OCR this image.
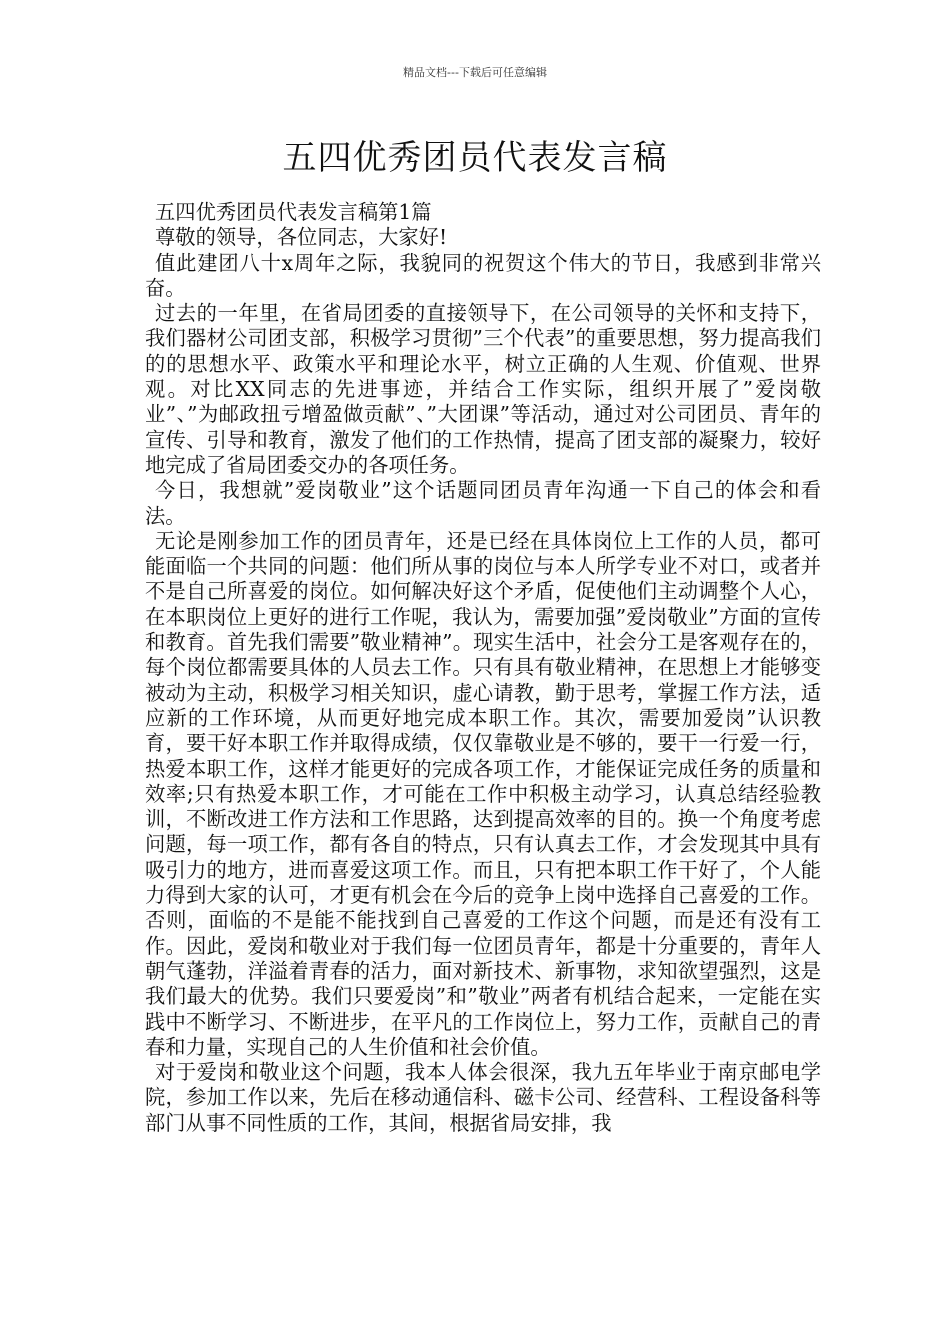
精品文档---下载后可任意编辑
五四优秀团员代表发言稿

五四优秀团员代表发言稿第1篇

尊敬的领导，各位同志，大家好!

值此建团八十x周年之际，我貌同的祝贺这个伟大的节日，我感到非常兴奋。

过去的一年里，在省局团委的直接领导下，在公司领导的关怀和支持下，我们器材公司团支部，积极学习贯彻”三个代表”的重要思想，努力提高我们的的思想水平、政策水平和理论水平，树立正确的人生观、价值观、世界观。对比XX同志的先进事迹，并结合工作实际，组织开展了”爱岗敬业”、”为邮政扭亏增盈做贡献”、”大团课”等活动，通过对公司团员、青年的宣传、引导和教育，激发了他们的工作热情，提高了团支部的凝聚力，较好地完成了省局团委交办的各项任务。

今日，我想就”爱岗敬业”这个话题同团员青年沟通一下自己的体会和看法。

无论是刚参加工作的团员青年，还是已经在具体岗位上工作的人员，都可能面临一个共同的问题：他们所从事的岗位与本人所学专业不对口，或者并不是自己所喜爱的岗位。如何解决好这个矛盾，促使他们主动调整个人心，在本职岗位上更好的进行工作呢，我认为，需要加强”爱岗敬业”方面的宣传和教育。首先我们需要”敬业精神”。现实生活中，社会分工是客观存在的，每个岗位都需要具体的人员去工作。只有具有敬业精神，在思想上才能够变被动为主动，积极学习相关知识，虚心请教，勤于思考，掌握工作方法，适应新的工作环境，从而更好地完成本职工作。其次，需要加爱岗”认识教育，要干好本职工作并取得成绩，仅仅靠敬业是不够的，要干一行爱一行，热爱本职工作，这样才能更好的完成各项工作，才能保证完成任务的质量和效率;只有热爱本职工作，才可能在工作中积极主动学习，认真总结经验教训，不断改进工作方法和工作思路，达到提高效率的目的。换一个角度考虑问题，每一项工作，都有各自的特点，只有认真去工作，才会发现其中具有吸引力的地方，进而喜爱这项工作。而且，只有把本职工作干好了，个人能力得到大家的认可，才更有机会在今后的竞争上岗中选择自己喜爱的工作。否则，面临的不是能不能找到自己喜爱的工作这个问题，而是还有没有工作。因此，爱岗和敬业对于我们每一位团员青年，都是十分重要的，青年人朝气蓬勃，洋溢着青春的活力，面对新技术、新事物，求知欲望强烈，这是我们最大的优势。我们只要爱岗”和”敬业”两者有机结合起来，一定能在实践中不断学习、不断进步，在平凡的工作岗位上，努力工作，贡献自己的青春和力量，实现自己的人生价值和社会价值。

对于爱岗和敬业这个问题，我本人体会很深，我九五年毕业于南京邮电学院，参加工作以来，先后在移动通信科、磁卡公司、经营科、工程设备科等部门从事不同性质的工作，其间，根据省局安排，我
